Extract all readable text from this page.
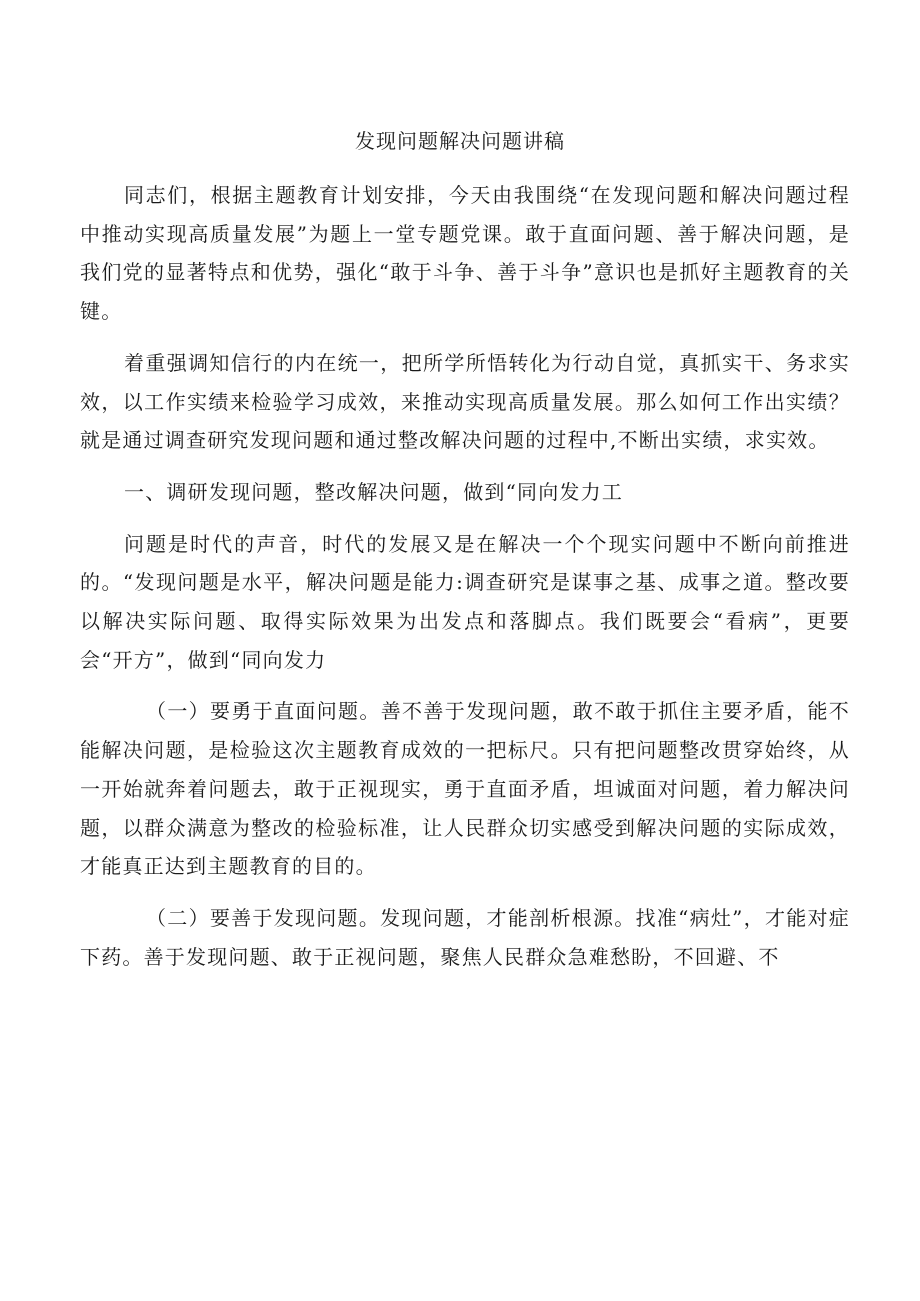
发现问题解决问题讲稿

同志们，根据主题教育计划安排，今天由我围绕“在发现问题和解决问题过程中推动实现高质量发展”为题上一堂专题党课。敢于直面问题、善于解决问题，是我们党的显著特点和优势，强化“敢于斗争、善于斗争”意识也是抓好主题教育的关键。

着重强调知信行的内在统一，把所学所悟转化为行动自觉，真抓实干、务求实效，以工作实绩来检验学习成效，来推动实现高质量发展。那么如何工作出实绩？就是通过调查研究发现问题和通过整改解决问题的过程中,不断出实绩，求实效。

一、调研发现问题，整改解决问题，做到“同向发力工

问题是时代的声音，时代的发展又是在解决一个个现实问题中不断向前推进的。“发现问题是水平，解决问题是能力:调查研究是谋事之基、成事之道。整改要以解决实际问题、取得实际效果为出发点和落脚点。我们既要会“看病”，更要会“开方”，做到“同向发力

（一）要勇于直面问题。善不善于发现问题，敢不敢于抓住主要矛盾，能不能解决问题，是检验这次主题教育成效的一把标尺。只有把问题整改贯穿始终，从一开始就奔着问题去，敢于正视现实，勇于直面矛盾，坦诚面对问题，着力解决问题，以群众满意为整改的检验标准，让人民群众切实感受到解决问题的实际成效，才能真正达到主题教育的目的。

（二）要善于发现问题。发现问题，才能剖析根源。找准“病灶”，才能对症下药。善于发现问题、敢于正视问题，聚焦人民群众急难愁盼，不回避、不
